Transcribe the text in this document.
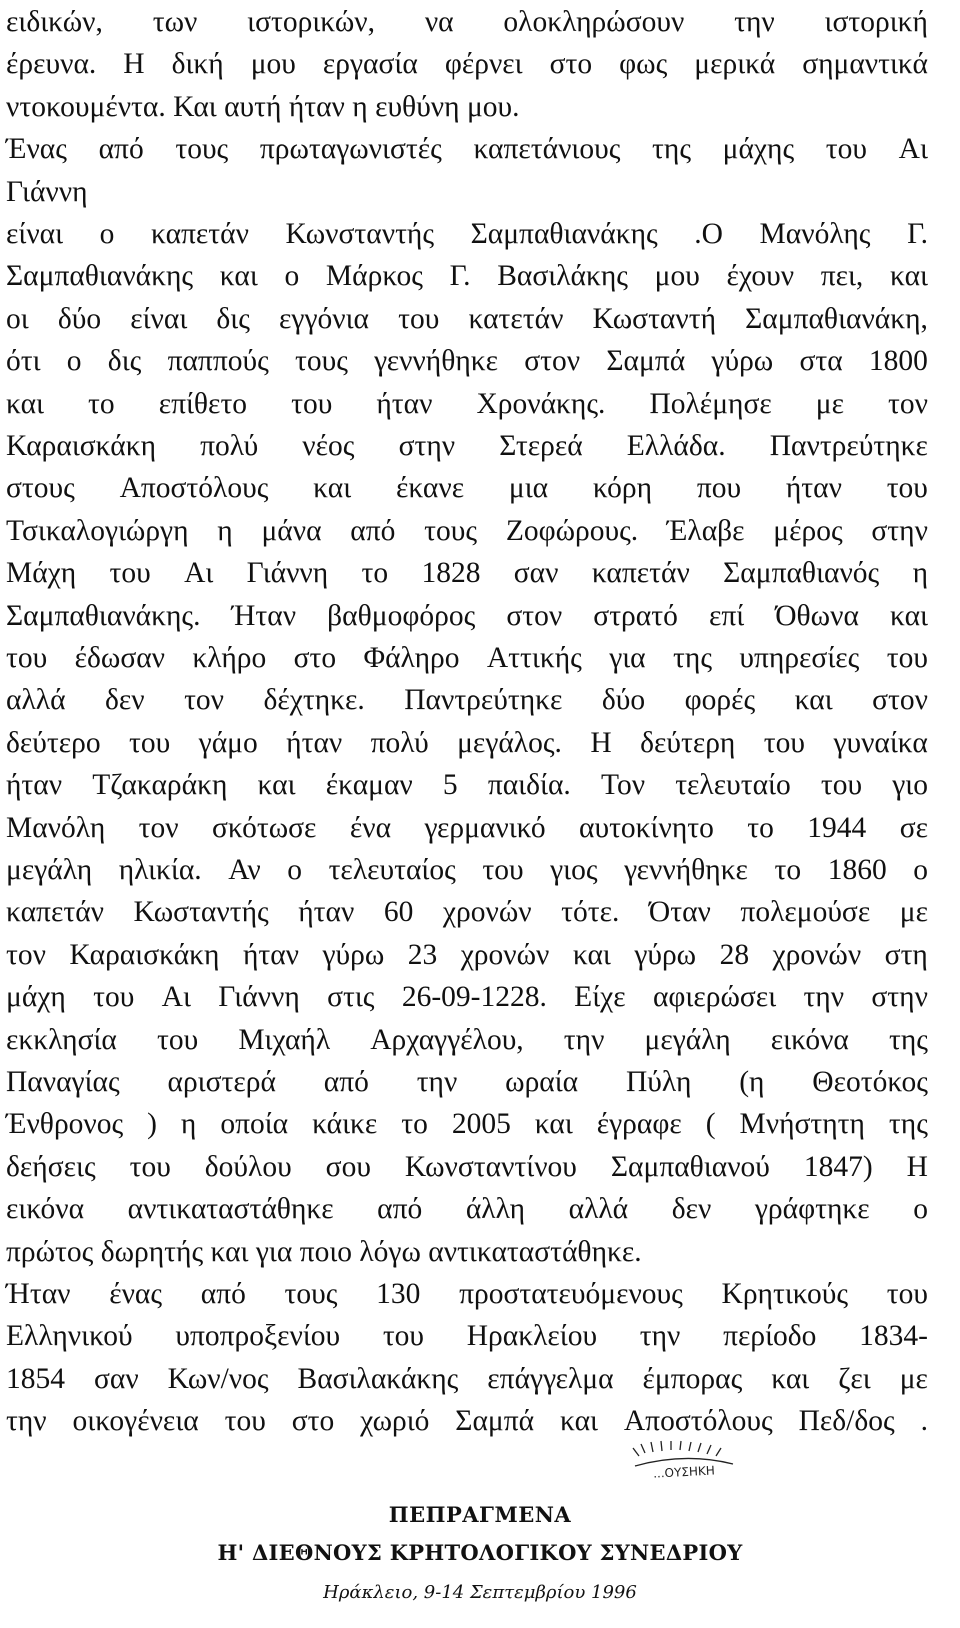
ειδικών, των ιστορικών, να ολοκληρώσουν την ιστορική
έρευνα. Η δική μου εργασία φέρνει στο φως μερικά σημαντικά
ντοκουμέντα. Και αυτή ήταν η ευθύνη μου.
Ένας από τους πρωταγωνιστές καπετάνιους της μάχης του Αι
Γιάννη
είναι ο καπετάν Κωνσταντής Σαμπαθιανάκης .Ο Μανόλης Γ.
Σαμπαθιανάκης και ο Μάρκος Γ. Βασιλάκης μου έχουν πει, και
οι δύο είναι δις εγγόνια του κατετάν Κωσταντή Σαμπαθιανάκη,
ότι ο δις παππούς τους γεννήθηκε στον Σαμπά γύρω στα 1800
και το επίθετο του ήταν Χρονάκης. Πολέμησε με τον
Καραισκάκη πολύ νέος στην Στερεά Ελλάδα. Παντρεύτηκε
στους Αποστόλους και έκανε μια κόρη που ήταν του
Τσικαλογιώργη η μάνα από τους Ζοφώρους. Έλαβε μέρος στην
Μάχη του Αι Γιάννη το 1828 σαν καπετάν Σαμπαθιανός η
Σαμπαθιανάκης. Ήταν βαθμοφόρος στον στρατό επί Όθωνα και
του έδωσαν κλήρο στο Φάληρο Αττικής για της υπηρεσίες του
αλλά δεν τον δέχτηκε. Παντρεύτηκε δύο φορές και στον
δεύτερο του γάμο ήταν πολύ μεγάλος. Η δεύτερη του γυναίκα
ήταν Τζακαράκη και έκαμαν 5 παιδία. Τον τελευταίο του γιο
Μανόλη τον σκότωσε ένα γερμανικό αυτοκίνητο το 1944 σε
μεγάλη ηλικία. Αν ο τελευταίος του γιος γεννήθηκε το 1860 ο
καπετάν Κωσταντής ήταν 60 χρονών τότε. Όταν πολεμούσε με
τον Καραισκάκη ήταν γύρω 23 χρονών και γύρω 28 χρονών στη
μάχη του Αι Γιάννη στις 26-09-1228. Είχε αφιερώσει την στην
εκκλησία του Μιχαήλ Αρχαγγέλου, την μεγάλη εικόνα της
Παναγίας αριστερά από την ωραία Πύλη (η Θεοτόκος
Ένθρονος ) η οποία κάικε το 2005 και έγραφε ( Μνήστητη της
δεήσεις του δούλου σου Κωνσταντίνου Σαμπαθιανού 1847) Η
εικόνα αντικαταστάθηκε από άλλη αλλά δεν γράφτηκε ο
πρώτος δωρητής και για ποιο λόγω αντικαταστάθηκε.
Ήταν ένας από τους 130 προστατευόμενους Κρητικούς του
Ελληνικού υποπροξενίου του Ηρακλείου την περίοδο 1834-
1854 σαν Κων/νος Βασιλακάκης επάγγελμα έμπορας και ζει με
την οικογένεια του στο χωριό Σαμπά και Αποστόλους Πεδ/δος .
...ΟΥΣΗΚΗ
ΠΕΠΡΑΓΜΕΝΑ
Η' ΔΙΕΘΝΟΥΣ ΚΡΗΤΟΛΟΓΙΚΟΥ ΣΥΝΕΔΡΙΟΥ
Ηράκλειο, 9-14 Σεπτεμβρίου 1996
